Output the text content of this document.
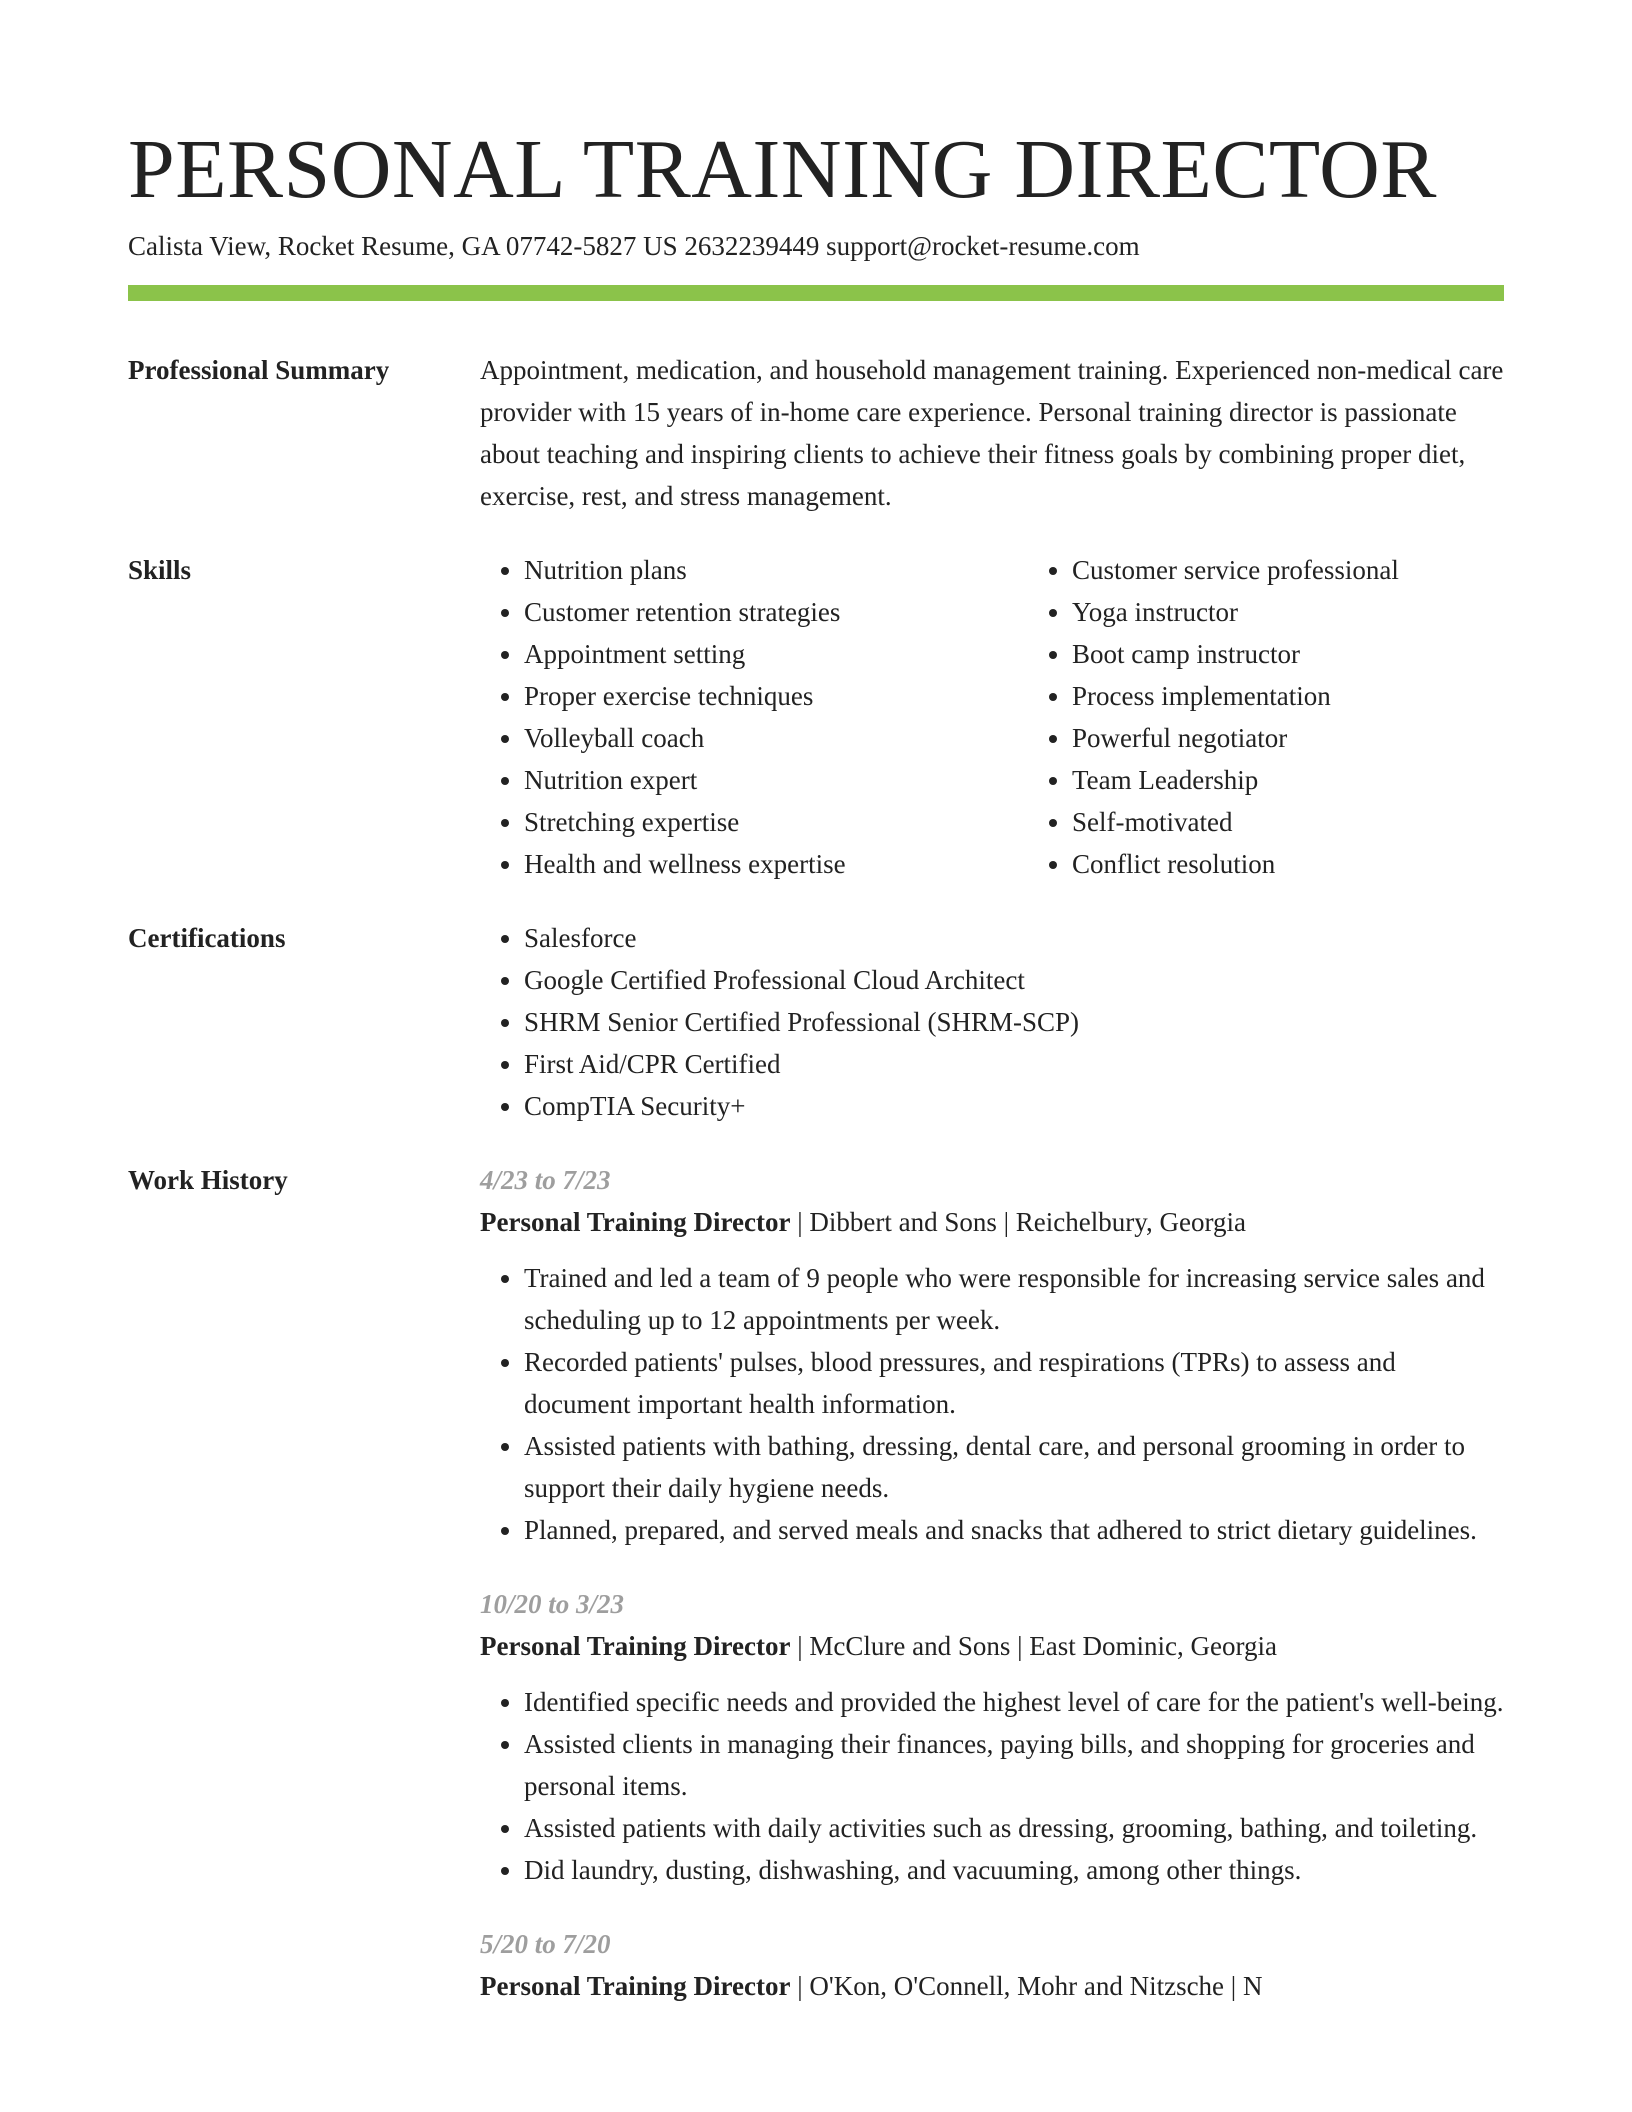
PERSONAL TRAINING DIRECTOR
Calista View, Rocket Resume, GA 07742-5827 US 2632239449 support@rocket-resume.com
Professional Summary	Appointment, medication, and household management training. Experienced non-medical care provider with 15 years of in-home care experience. Personal training director is passionate about teaching and inspiring clients to achieve their fitness goals by combining proper diet, exercise, rest, and stress management.
Skills	• Nutrition plans
• Customer retention strategies
• Appointment setting
• Proper exercise techniques
• Volleyball coach
• Nutrition expert
• Stretching expertise
• Health and wellness expertise
• Customer service professional
• Yoga instructor
• Boot camp instructor
• Process implementation
• Powerful negotiator
• Team Leadership
• Self-motivated
• Conflict resolution
Certifications	• Salesforce
• Google Certified Professional Cloud Architect
• SHRM Senior Certified Professional (SHRM-SCP)
• First Aid/CPR Certified
• CompTIA Security+
Work History	4/23 to 7/23
Personal Training Director | Dibbert and Sons | Reichelbury, Georgia
• Trained and led a team of 9 people who were responsible for increasing service sales and scheduling up to 12 appointments per week.
• Recorded patients' pulses, blood pressures, and respirations (TPRs) to assess and document important health information.
• Assisted patients with bathing, dressing, dental care, and personal grooming in order to support their daily hygiene needs.
• Planned, prepared, and served meals and snacks that adhered to strict dietary guidelines.
10/20 to 3/23
Personal Training Director | McClure and Sons | East Dominic, Georgia
• Identified specific needs and provided the highest level of care for the patient's well-being.
• Assisted clients in managing their finances, paying bills, and shopping for groceries and personal items.
• Assisted patients with daily activities such as dressing, grooming, bathing, and toileting.
• Did laundry, dusting, dishwashing, and vacuuming, among other things.
5/20 to 7/20
Personal Training Director | O'Kon, O'Connell, Mohr and Nitzsche | N
